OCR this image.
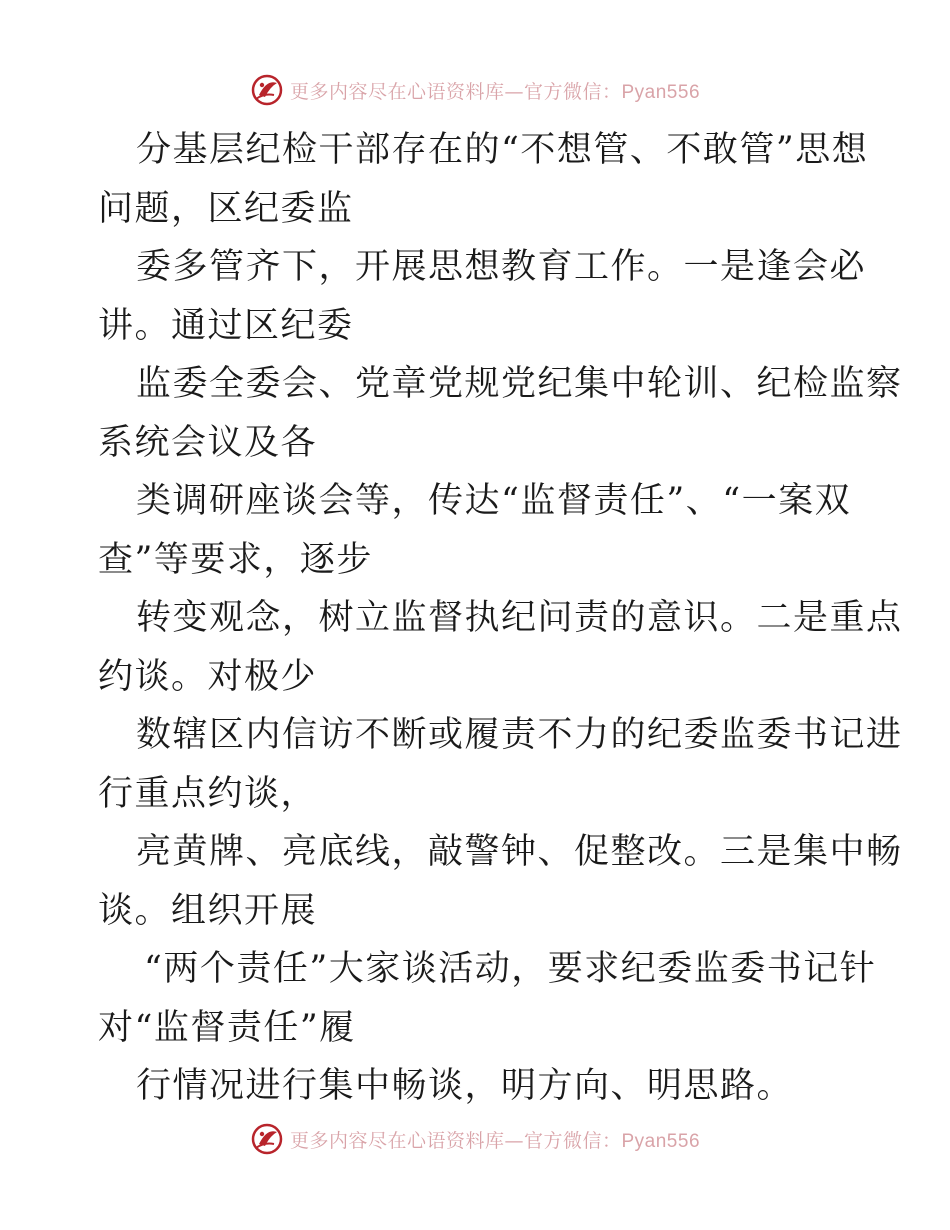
更多内容尽在心语资料库—官方微信：Pyan556
分基层纪检干部存在的“不想管、不敢管”思想
问题，区纪委监
委多管齐下，开展思想教育工作。一是逢会必
讲。通过区纪委
监委全委会、党章党规党纪集中轮训、纪检监察
系统会议及各
类调研座谈会等，传达“监督责任”、“一案双
查”等要求，逐步
转变观念，树立监督执纪问责的意识。二是重点
约谈。对极少
数辖区内信访不断或履责不力的纪委监委书记进
行重点约谈，
亮黄牌、亮底线，敲警钟、促整改。三是集中畅
谈。组织开展
“两个责任”大家谈活动，要求纪委监委书记针
对“监督责任”履
行情况进行集中畅谈，明方向、明思路。
更多内容尽在心语资料库—官方微信：Pyan556
